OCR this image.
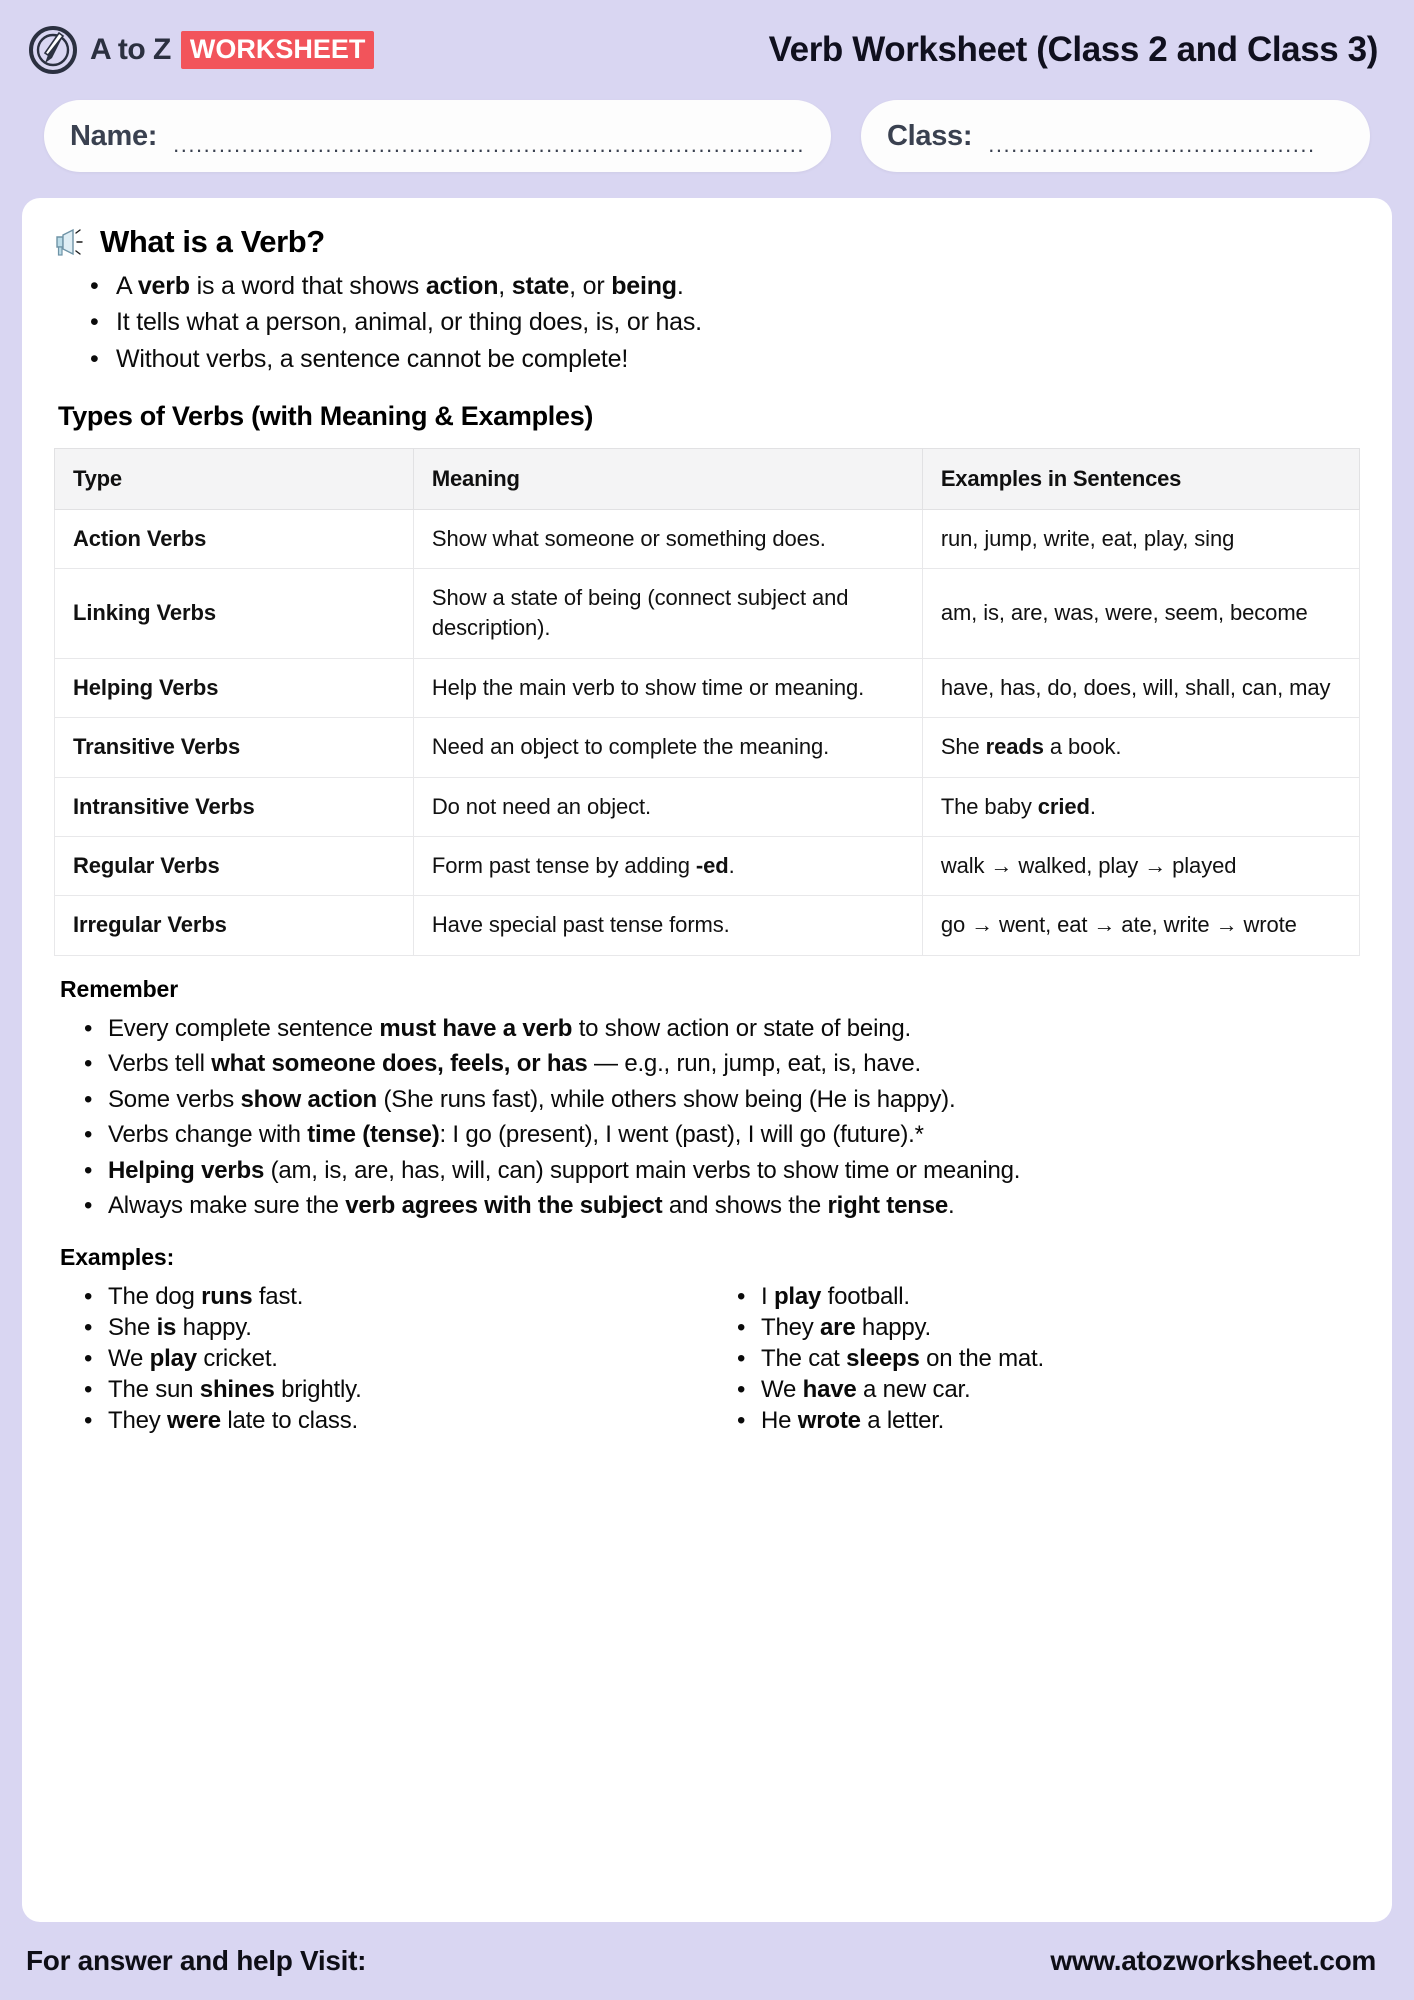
A to Z WORKSHEET	Verb Worksheet (Class 2 and Class 3)
Name: ...................................................................................	Class: ...........................................
What is a Verb?
• A verb is a word that shows action, state, or being.
• It tells what a person, animal, or thing does, is, or has.
• Without verbs, a sentence cannot be complete!
Types of Verbs (with Meaning & Examples)
Type	Meaning	Examples in Sentences
Action Verbs	Show what someone or something does.	run, jump, write, eat, play, sing
Linking Verbs	Show a state of being (connect subject and description).	am, is, are, was, were, seem, become
Helping Verbs	Help the main verb to show time or meaning.	have, has, do, does, will, shall, can, may
Transitive Verbs	Need an object to complete the meaning.	She reads a book.
Intransitive Verbs	Do not need an object.	The baby cried.
Regular Verbs	Form past tense by adding -ed.	walk → walked, play → played
Irregular Verbs	Have special past tense forms.	go → went, eat → ate, write → wrote
Remember
• Every complete sentence must have a verb to show action or state of being.
• Verbs tell what someone does, feels, or has — e.g., run, jump, eat, is, have.
• Some verbs show action (She runs fast), while others show being (He is happy).
• Verbs change with time (tense): I go (present), I went (past), I will go (future).*
• Helping verbs (am, is, are, has, will, can) support main verbs to show time or meaning.
• Always make sure the verb agrees with the subject and shows the right tense.
Examples:
• The dog runs fast.
• She is happy.
• We play cricket.
• The sun shines brightly.
• They were late to class.
• I play football.
• They are happy.
• The cat sleeps on the mat.
• We have a new car.
• He wrote a letter.
For answer and help Visit:	www.atozworksheet.com
